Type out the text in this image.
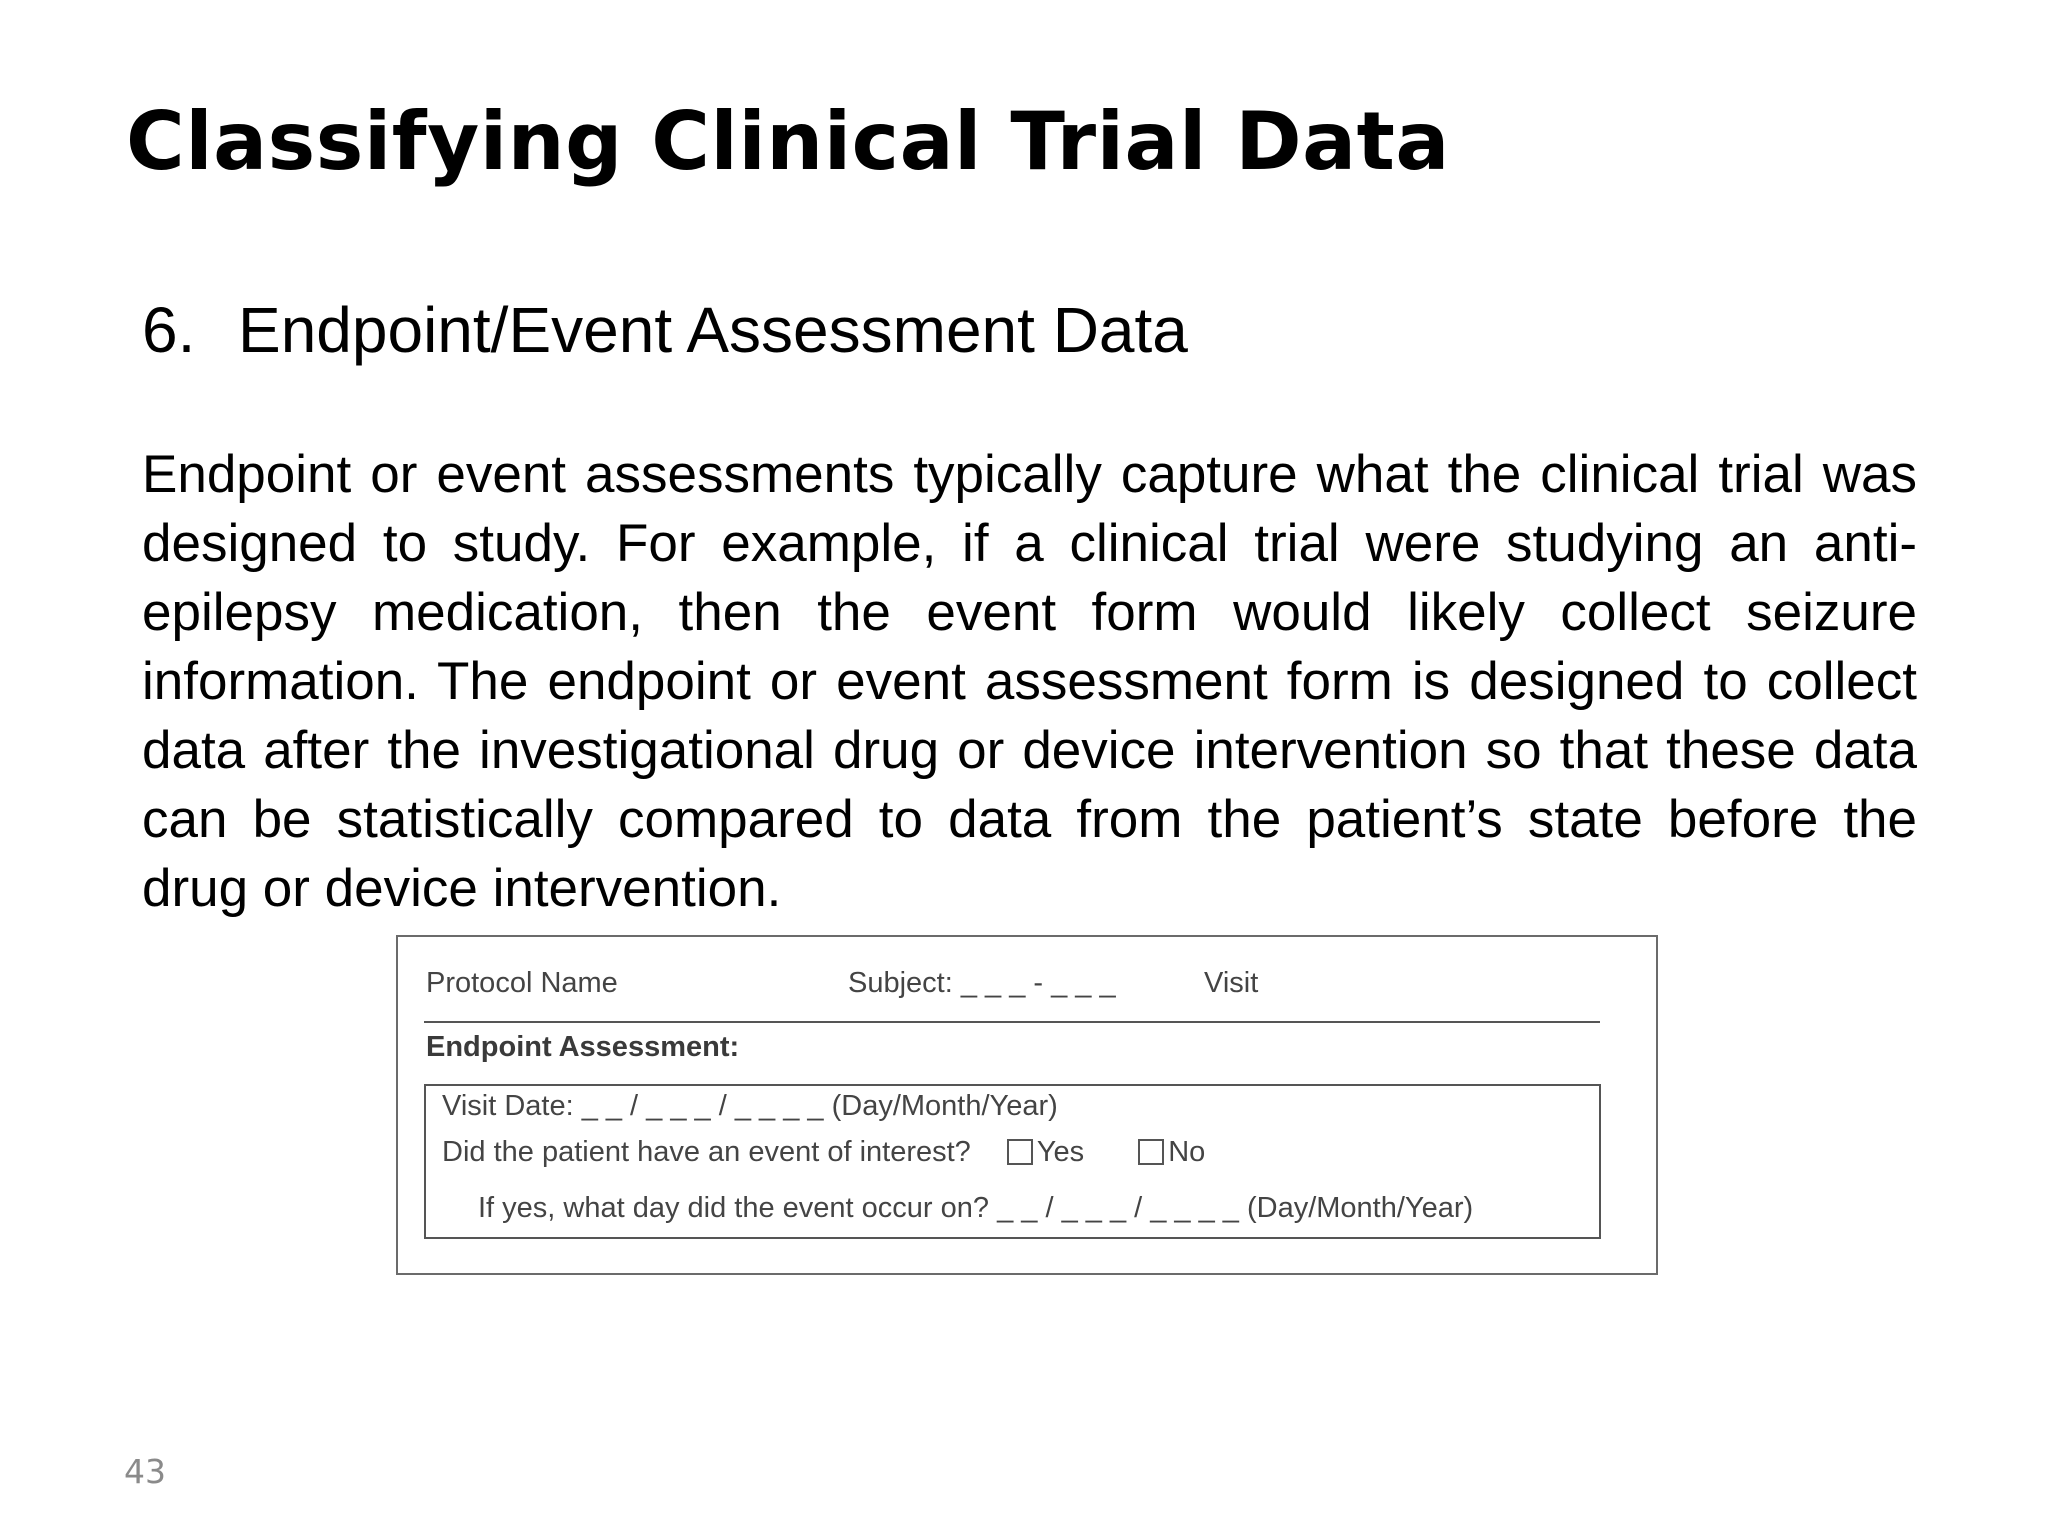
Classifying Clinical Trial Data
6. Endpoint/Event Assessment Data

Endpoint or event assessments typically capture what the clinical trial was designed to study. For example, if a clinical trial were studying an anti-epilepsy medication, then the event form would likely collect seizure information. The endpoint or event assessment form is designed to collect data after the investigational drug or device intervention so that these data can be statistically compared to data from the patient’s state before the drug or device intervention.

Protocol Name	Subject: _ _ _ - _ _ _	Visit
Endpoint Assessment:
Visit Date: _ _ / _ _ _ / _ _ _ _ (Day/Month/Year)
Did the patient have an event of interest? Yes	No
If yes, what day did the event occur on? _ _ / _ _ _ / _ _ _ _ (Day/Month/Year)
43
